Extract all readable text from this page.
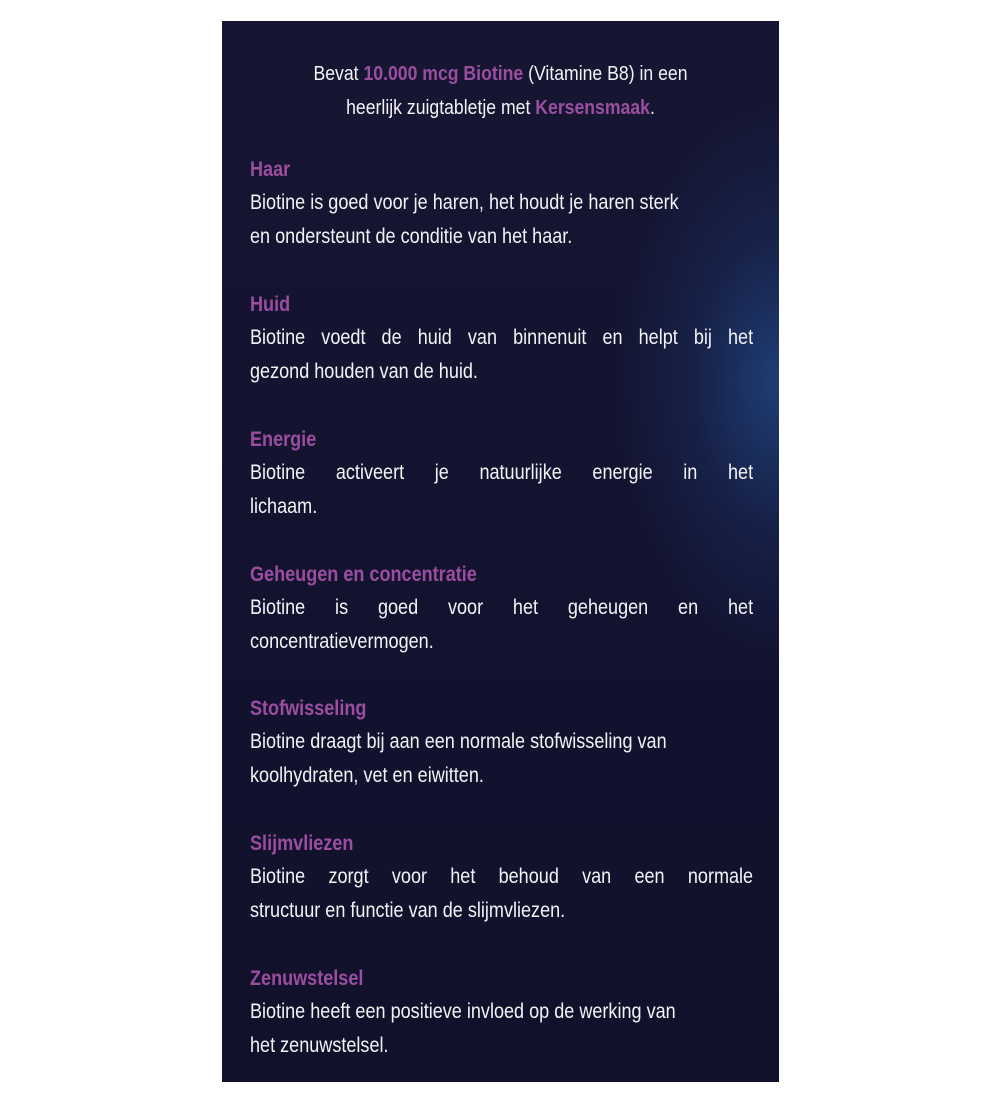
Bevat 10.000 mcg Biotine (Vitamine B8) in een
heerlijk zuigtabletje met Kersensmaak.
Haar
Biotine is goed voor je haren, het houdt je haren sterk
en ondersteunt de conditie van het haar.
Huid
Biotine voedt de huid van binnenuit en helpt bij het
gezond houden van de huid.
Energie
Biotine activeert je natuurlijke energie in het
lichaam.
Geheugen en concentratie
Biotine is goed voor het geheugen en het
concentratievermogen.
Stofwisseling
Biotine draagt bij aan een normale stofwisseling van
koolhydraten, vet en eiwitten.
Slijmvliezen
Biotine zorgt voor het behoud van een normale
structuur en functie van de slijmvliezen.
Zenuwstelsel
Biotine heeft een positieve invloed op de werking van
het zenuwstelsel.
